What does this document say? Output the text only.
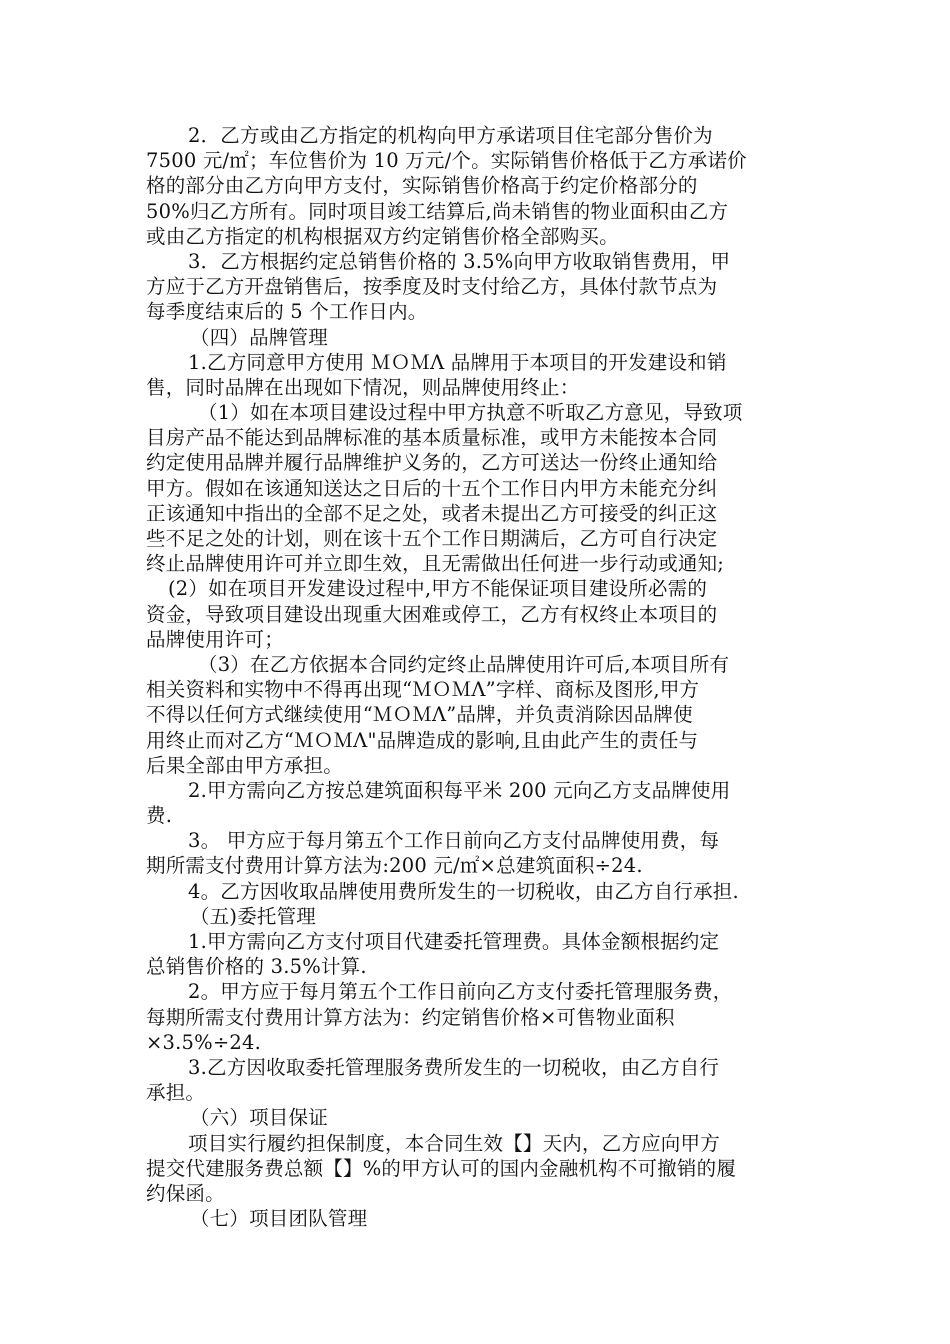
2．乙方或由乙方指定的机构向甲方承诺项目住宅部分售价为
7500 元/㎡；车位售价为 10 万元/个。实际销售价格低于乙方承诺价
格的部分由乙方向甲方支付，实际销售价格高于约定价格部分的
50%归乙方所有。同时项目竣工结算后,尚未销售的物业面积由乙方
或由乙方指定的机构根据双方约定销售价格全部购买。
3．乙方根据约定总销售价格的 3.5%向甲方收取销售费用，甲
方应于乙方开盘销售后，按季度及时支付给乙方，具体付款节点为
每季度结束后的 5 个工作日内。
（四）品牌管理
1.乙方同意甲方使用 ＭＯＭΛ 品牌用于本项目的开发建设和销
售，同时品牌在出现如下情况，则品牌使用终止：
（1）如在本项目建设过程中甲方执意不听取乙方意见，导致项
目房产品不能达到品牌标准的基本质量标准，或甲方未能按本合同
约定使用品牌并履行品牌维护义务的，乙方可送达一份终止通知给
甲方。假如在该通知送达之日后的十五个工作日内甲方未能充分纠
正该通知中指出的全部不足之处，或者未提出乙方可接受的纠正这
些不足之处的计划，则在该十五个工作日期满后，乙方可自行决定
终止品牌使用许可并立即生效，且无需做出任何进一步行动或通知;
(2）如在项目开发建设过程中,甲方不能保证项目建设所必需的
资金，导致项目建设出现重大困难或停工，乙方有权终止本项目的
品牌使用许可；
（3）在乙方依据本合同约定终止品牌使用许可后,本项目所有
相关资料和实物中不得再出现“ＭＯＭΛ”字样、商标及图形,甲方
不得以任何方式继续使用“ＭＯＭΛ”品牌，并负责消除因品牌使
用终止而对乙方“ＭＯＭΛ"品牌造成的影响,且由此产生的责任与
后果全部由甲方承担。
2.甲方需向乙方按总建筑面积每平米 200 元向乙方支品牌使用
费.
3。 甲方应于每月第五个工作日前向乙方支付品牌使用费，每
期所需支付费用计算方法为:200 元/㎡×总建筑面积÷24.
4。乙方因收取品牌使用费所发生的一切税收，由乙方自行承担.
（五)委托管理
1.甲方需向乙方支付项目代建委托管理费。具体金额根据约定
总销售价格的 3.5%计算.
2。甲方应于每月第五个工作日前向乙方支付委托管理服务费，
每期所需支付费用计算方法为：约定销售价格×可售物业面积
×3.5%÷24.
3.乙方因收取委托管理服务费所发生的一切税收，由乙方自行
承担。
（六）项目保证
项目实行履约担保制度，本合同生效【】天内，乙方应向甲方
提交代建服务费总额【】%的甲方认可的国内金融机构不可撤销的履
约保函。
（七）项目团队管理
